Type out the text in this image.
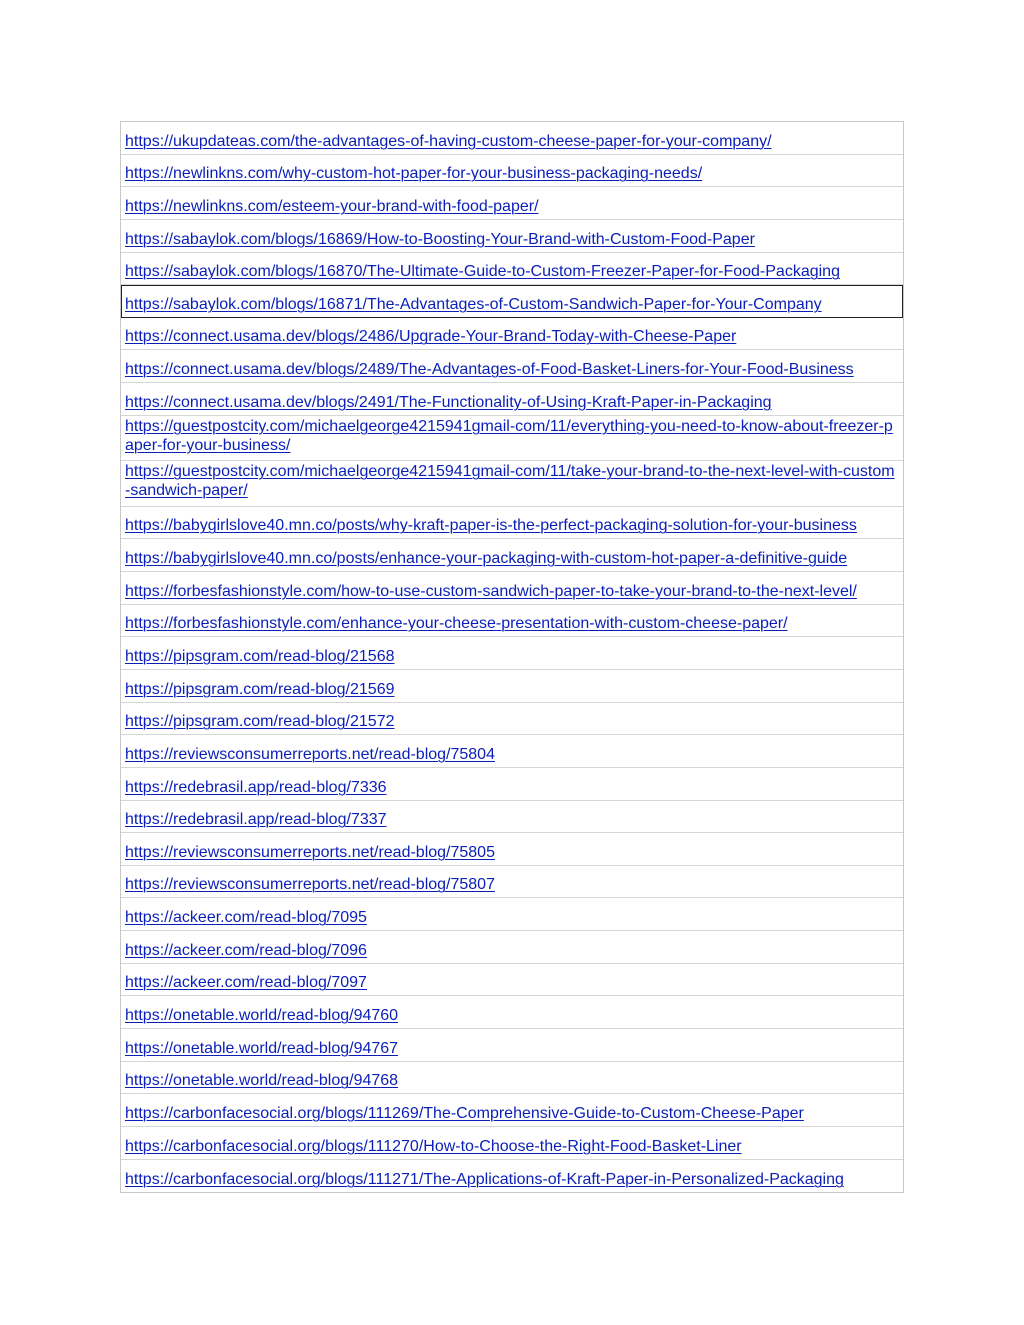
https://ukupdateas.com/the-advantages-of-having-custom-cheese-paper-for-your-company/
https://newlinkns.com/why-custom-hot-paper-for-your-business-packaging-needs/
https://newlinkns.com/esteem-your-brand-with-food-paper/
https://sabaylok.com/blogs/16869/How-to-Boosting-Your-Brand-with-Custom-Food-Paper
https://sabaylok.com/blogs/16870/The-Ultimate-Guide-to-Custom-Freezer-Paper-for-Food-Packaging
https://sabaylok.com/blogs/16871/The-Advantages-of-Custom-Sandwich-Paper-for-Your-Company
https://connect.usama.dev/blogs/2486/Upgrade-Your-Brand-Today-with-Cheese-Paper
https://connect.usama.dev/blogs/2489/The-Advantages-of-Food-Basket-Liners-for-Your-Food-Business
https://connect.usama.dev/blogs/2491/The-Functionality-of-Using-Kraft-Paper-in-Packaging
https://guestpostcity.com/michaelgeorge4215941gmail-com/11/everything-you-need-to-know-about-freezer-paper-for-your-business/
https://guestpostcity.com/michaelgeorge4215941gmail-com/11/take-your-brand-to-the-next-level-with-custom-sandwich-paper/
https://babygirlslove40.mn.co/posts/why-kraft-paper-is-the-perfect-packaging-solution-for-your-business
https://babygirlslove40.mn.co/posts/enhance-your-packaging-with-custom-hot-paper-a-definitive-guide
https://forbesfashionstyle.com/how-to-use-custom-sandwich-paper-to-take-your-brand-to-the-next-level/
https://forbesfashionstyle.com/enhance-your-cheese-presentation-with-custom-cheese-paper/
https://pipsgram.com/read-blog/21568
https://pipsgram.com/read-blog/21569
https://pipsgram.com/read-blog/21572
https://reviewsconsumerreports.net/read-blog/75804
https://redebrasil.app/read-blog/7336
https://redebrasil.app/read-blog/7337
https://reviewsconsumerreports.net/read-blog/75805
https://reviewsconsumerreports.net/read-blog/75807
https://ackeer.com/read-blog/7095
https://ackeer.com/read-blog/7096
https://ackeer.com/read-blog/7097
https://onetable.world/read-blog/94760
https://onetable.world/read-blog/94767
https://onetable.world/read-blog/94768
https://carbonfacesocial.org/blogs/111269/The-Comprehensive-Guide-to-Custom-Cheese-Paper
https://carbonfacesocial.org/blogs/111270/How-to-Choose-the-Right-Food-Basket-Liner
https://carbonfacesocial.org/blogs/111271/The-Applications-of-Kraft-Paper-in-Personalized-Packaging
